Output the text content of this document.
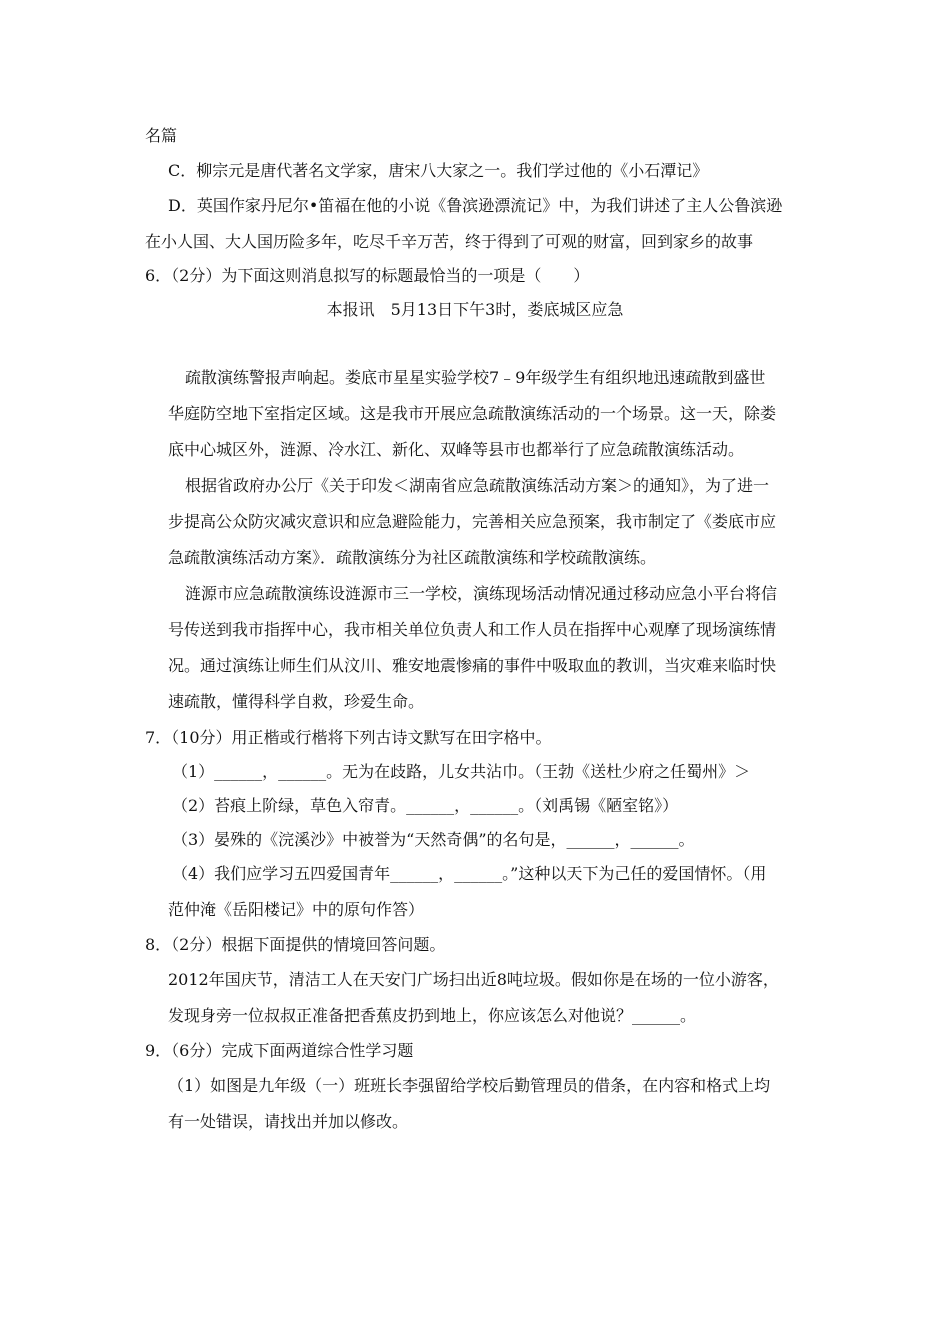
名篇
C．柳宗元是唐代著名文学家，唐宋八大家之一。我们学过他的《小石潭记》
D．英国作家丹尼尔•笛福在他的小说《鲁滨逊漂流记》中，为我们讲述了主人公鲁滨逊
在小人国、大人国历险多年，吃尽千辛万苦，终于得到了可观的财富，回到家乡的故事
6．（2分）为下面这则消息拟写的标题最恰当的一项是（　　）
本报讯　5月13日下午3时，娄底城区应急
疏散演练警报声响起。娄底市星星实验学校7﹣9年级学生有组织地迅速疏散到盛世
华庭防空地下室指定区域。这是我市开展应急疏散演练活动的一个场景。这一天，除娄
底中心城区外，涟源、冷水江、新化、双峰等县市也都举行了应急疏散演练活动。
根据省政府办公厅《关于印发＜湖南省应急疏散演练活动方案＞的通知》，为了进一
步提高公众防灾减灾意识和应急避险能力，完善相关应急预案，我市制定了《娄底市应
急疏散演练活动方案》．疏散演练分为社区疏散演练和学校疏散演练。
涟源市应急疏散演练设涟源市三一学校，演练现场活动情况通过移动应急小平台将信
号传送到我市指挥中心，我市相关单位负责人和工作人员在指挥中心观摩了现场演练情
况。通过演练让师生们从汶川、雅安地震惨痛的事件中吸取血的教训，当灾难来临时快
速疏散，懂得科学自救，珍爱生命。
7．（10分）用正楷或行楷将下列古诗文默写在田字格中。
（1）______，______。无为在歧路，儿女共沾巾。（王勃《送杜少府之任蜀州》＞
（2）苔痕上阶绿，草色入帘青。______，______。（刘禹锡《陋室铭》）
（3）晏殊的《浣溪沙》中被誉为“天然奇偶”的名句是，______，______。
（4）我们应学习五四爱国青年______，______。”这种以天下为己任的爱国情怀。（用
范仲淹《岳阳楼记》中的原句作答）
8．（2分）根据下面提供的情境回答问题。
2012年国庆节，清洁工人在天安门广场扫出近8吨垃圾。假如你是在场的一位小游客，
发现身旁一位叔叔正准备把香蕉皮扔到地上，你应该怎么对他说？______。
9．（6分）完成下面两道综合性学习题
（1）如图是九年级（一）班班长李强留给学校后勤管理员的借条，在内容和格式上均
有一处错误，请找出并加以修改。
